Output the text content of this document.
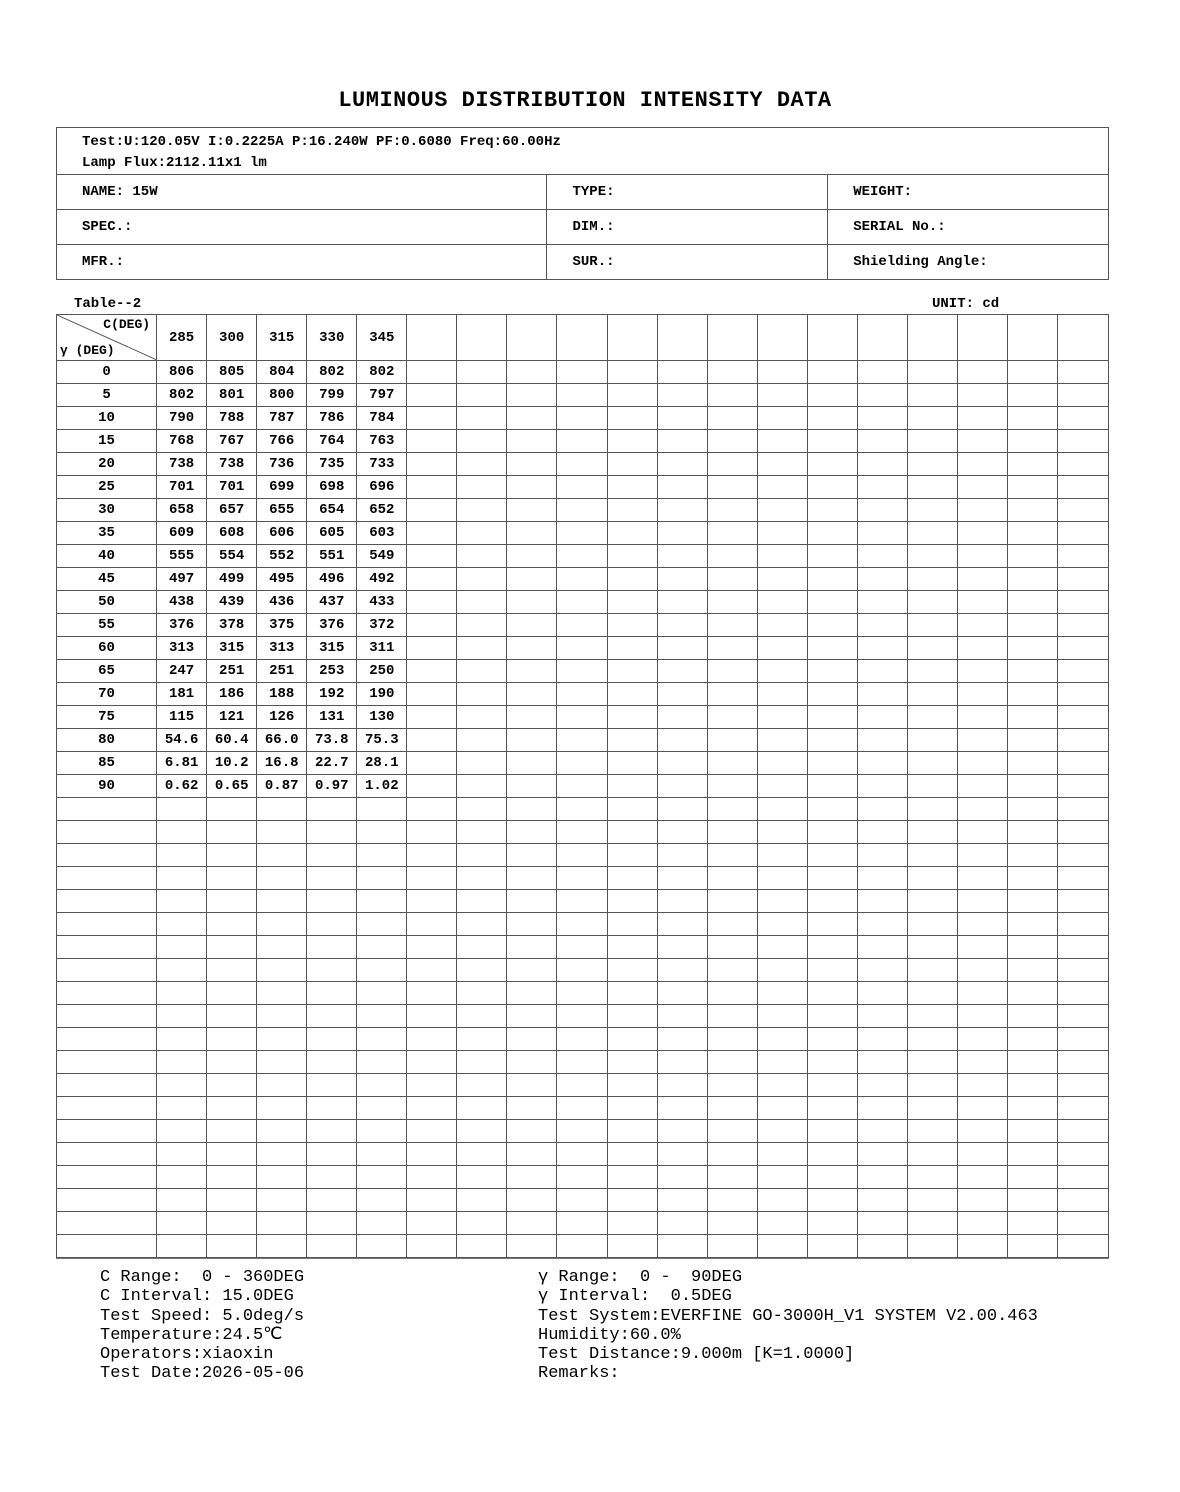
LUMINOUS DISTRIBUTION INTENSITY DATA
Test:U:120.05V I:0.2225A P:16.240W PF:0.6080 Freq:60.00Hz
Lamp Flux:2112.11x1 lm		

NAME: 15W	TYPE:	WEIGHT:
SPEC.:	DIM.:	SERIAL No.:
MFR.:	SUR.:	Shielding Angle:
Table--2	UNIT: cd
C(DEG)
γ (DEG)	285	300	315	330	345														
0	806	805	804	802	802														
5	802	801	800	799	797														
10	790	788	787	786	784														
15	768	767	766	764	763														
20	738	738	736	735	733														
25	701	701	699	698	696														
30	658	657	655	654	652														
35	609	608	606	605	603														
40	555	554	552	551	549														
45	497	499	495	496	492														
50	438	439	436	437	433														
55	376	378	375	376	372														
60	313	315	313	315	311														
65	247	251	251	253	250														
70	181	186	188	192	190														
75	115	121	126	131	130														
80	54.6	60.4	66.0	73.8	75.3														
85	6.81	10.2	16.8	22.7	28.1														
90	0.62	0.65	0.87	0.97	1.02														

C Range:  0 - 360DEG
C Interval: 15.0DEG
Test Speed: 5.0deg/s
Temperature:24.5℃
Operators:xiaoxin
Test Date:2026-05-06
γ Range:  0 -  90DEG
γ Interval:  0.5DEG
Test System:EVERFINE GO-3000H_V1 SYSTEM V2.00.463
Humidity:60.0%
Test Distance:9.000m [K=1.0000]
Remarks:
